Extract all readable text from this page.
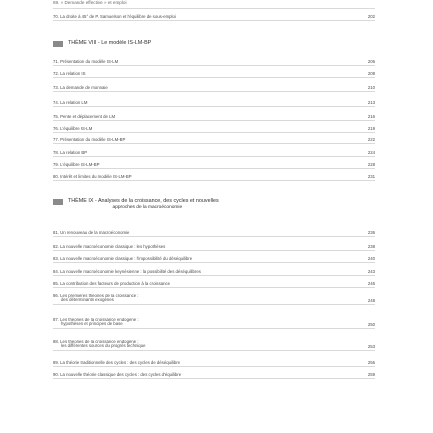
69. « Demande effective » et emploi
70. La droite à 45° de P. Samuelson et l'équilibre de sous-emploi	202
THÈME VIII - Le modèle IS-LM-BP
71. Présentation du modèle IS-LM	206
72. La relation IS	208
73. La demande de monnaie	210
74. La relation LM	213
75. Pente et déplacement de LM	216
76. L'équilibre IS-LM	219
77. Présentation du modèle IS-LM-BP	222
78. La relation BP	224
79. L'équilibre IS-LM-BP	228
80. Intérêt et limites du modèle IS-LM-BP	231
THÈME IX - Analyses de la croissance, des cycles et nouvelles
approches de la macroéconomie
81. Un renouveau de la macroéconomie	236
82. La nouvelle macroéconomie classique : les hypothèses	238
83. La nouvelle macroéconomie classique : l'impossibilité du déséquilibre	240
84. La nouvelle macroéconomie keynésienne : la possibilité des déséquilibres	243
85. La contribution des facteurs de production à la croissance	246
86. Les premières théories de la croissance :
des déterminants exogènes	248
87. Les théories de la croissance endogène :
hypothèses et principes de base	250
88. Les théories de la croissance endogène :
les différentes sources du progrès technique	253
89. La théorie traditionnelle des cycles : des cycles de déséquilibre	256
90. La nouvelle théorie classique des cycles : des cycles d'équilibre	259
